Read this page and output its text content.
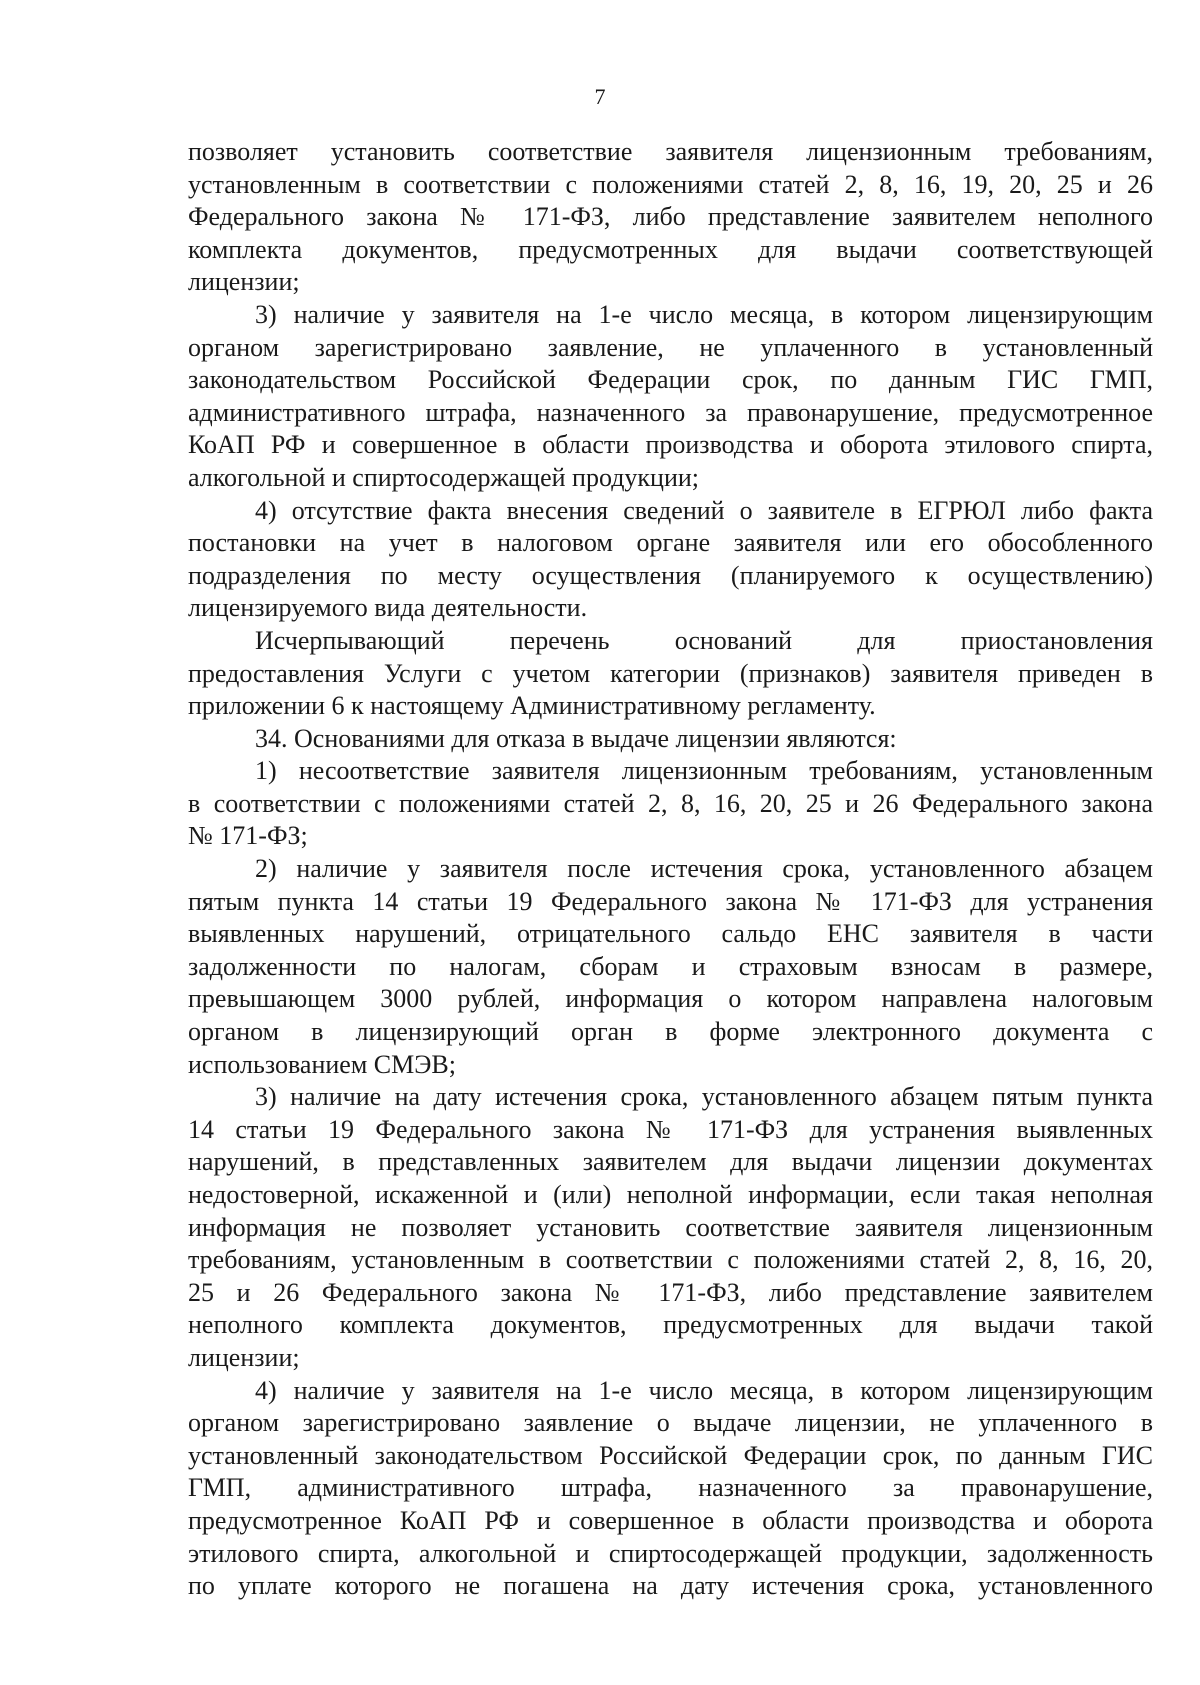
7
позволяет установить соответствие заявителя лицензионным требованиям,
установленным в соответствии с положениями статей 2, 8, 16, 19, 20, 25 и 26
Федерального закона № 171-ФЗ, либо представление заявителем неполного
комплекта документов, предусмотренных для выдачи соответствующей
лицензии;
3) наличие у заявителя на 1-е число месяца, в котором лицензирующим
органом зарегистрировано заявление, не уплаченного в установленный
законодательством Российской Федерации срок, по данным ГИС ГМП,
административного штрафа, назначенного за правонарушение, предусмотренное
КоАП РФ и совершенное в области производства и оборота этилового спирта,
алкогольной и спиртосодержащей продукции;
4) отсутствие факта внесения сведений о заявителе в ЕГРЮЛ либо факта
постановки на учет в налоговом органе заявителя или его обособленного
подразделения по месту осуществления (планируемого к осуществлению)
лицензируемого вида деятельности.
Исчерпывающий перечень оснований для приостановления
предоставления Услуги с учетом категории (признаков) заявителя приведен в
приложении 6 к настоящему Административному регламенту.
34. Основаниями для отказа в выдаче лицензии являются:
1) несоответствие заявителя лицензионным требованиям, установленным
в соответствии с положениями статей 2, 8, 16, 20, 25 и 26 Федерального закона
№ 171-ФЗ;
2) наличие у заявителя после истечения срока, установленного абзацем
пятым пункта 14 статьи 19 Федерального закона № 171-ФЗ для устранения
выявленных нарушений, отрицательного сальдо ЕНС заявителя в части
задолженности по налогам, сборам и страховым взносам в размере,
превышающем 3000 рублей, информация о котором направлена налоговым
органом в лицензирующий орган в форме электронного документа с
использованием СМЭВ;
3) наличие на дату истечения срока, установленного абзацем пятым пункта
14 статьи 19 Федерального закона № 171-ФЗ для устранения выявленных
нарушений, в представленных заявителем для выдачи лицензии документах
недостоверной, искаженной и (или) неполной информации, если такая неполная
информация не позволяет установить соответствие заявителя лицензионным
требованиям, установленным в соответствии с положениями статей 2, 8, 16, 20,
25 и 26 Федерального закона № 171-ФЗ, либо представление заявителем
неполного комплекта документов, предусмотренных для выдачи такой
лицензии;
4) наличие у заявителя на 1-е число месяца, в котором лицензирующим
органом зарегистрировано заявление о выдаче лицензии, не уплаченного в
установленный законодательством Российской Федерации срок, по данным ГИС
ГМП, административного штрафа, назначенного за правонарушение,
предусмотренное КоАП РФ и совершенное в области производства и оборота
этилового спирта, алкогольной и спиртосодержащей продукции, задолженность
по уплате которого не погашена на дату истечения срока, установленного
